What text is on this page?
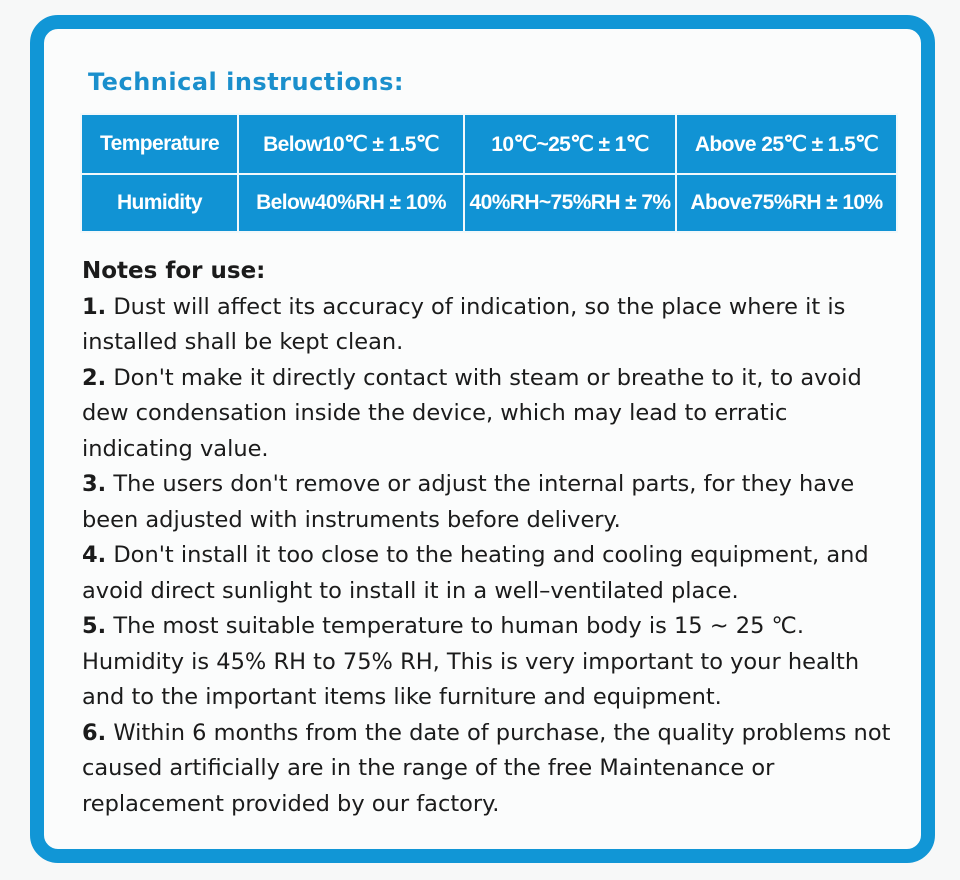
Technical instructions:
Temperature	Below10℃ ± 1.5℃	10℃~25℃ ± 1℃	Above 25℃ ± 1.5℃
Humidity	Below40%RH ± 10%	40%RH~75%RH ± 7%	Above75%RH ± 10%
Notes for use:

1. Dust will affect its accuracy of indication, so the place where it is installed shall be kept clean.

2. Don't make it directly contact with steam or breathe to it, to avoid dew condensation inside the device, which may lead to erratic indicating value.

3. The users don't remove or adjust the internal parts, for they have been adjusted with instruments before delivery.

4. Don't install it too close to the heating and cooling equipment, and avoid direct sunlight to install it in a well–ventilated place.

5. The most suitable temperature to human body is 15 ~ 25 ℃. Humidity is 45% RH to 75% RH, This is very important to your health and to the important items like furniture and equipment.

6. Within 6 months from the date of purchase, the quality problems not caused artificially are in the range of the free Maintenance or replacement provided by our factory.
